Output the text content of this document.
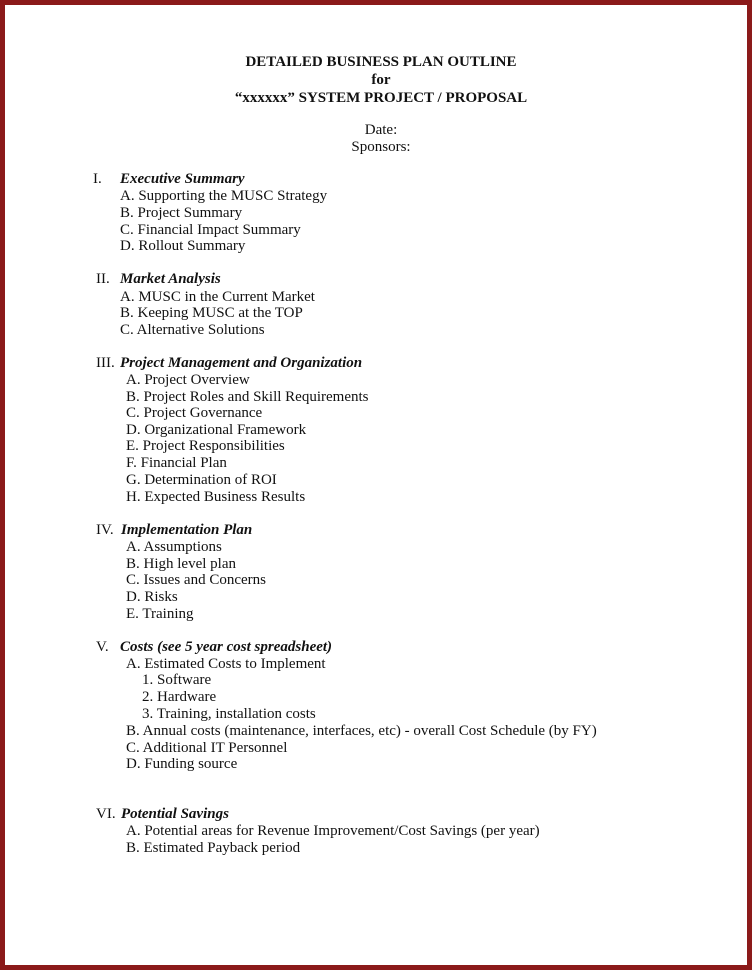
DETAILED BUSINESS PLAN OUTLINE
for
“xxxxxx” SYSTEM PROJECT / PROPOSAL
Date:
Sponsors:
I. Executive Summary
A. Supporting the MUSC Strategy
B. Project Summary
C. Financial Impact Summary
D. Rollout Summary
II. Market Analysis
A. MUSC in the Current Market
B. Keeping MUSC at the TOP
C. Alternative Solutions
III. Project Management and Organization
A. Project Overview
B. Project Roles and Skill Requirements
C. Project Governance
D. Organizational Framework
E. Project Responsibilities
F. Financial Plan
G. Determination of ROI
H. Expected Business Results
IV. Implementation Plan
A. Assumptions
B. High level plan
C. Issues and Concerns
D. Risks
E. Training
V. Costs (see 5 year cost spreadsheet)
A. Estimated Costs to Implement
1. Software
2. Hardware
3. Training, installation costs
B. Annual costs (maintenance, interfaces, etc) - overall Cost Schedule (by FY)
C. Additional IT Personnel
D. Funding source
VI. Potential Savings
A. Potential areas for Revenue Improvement/Cost Savings (per year)
B. Estimated Payback period
